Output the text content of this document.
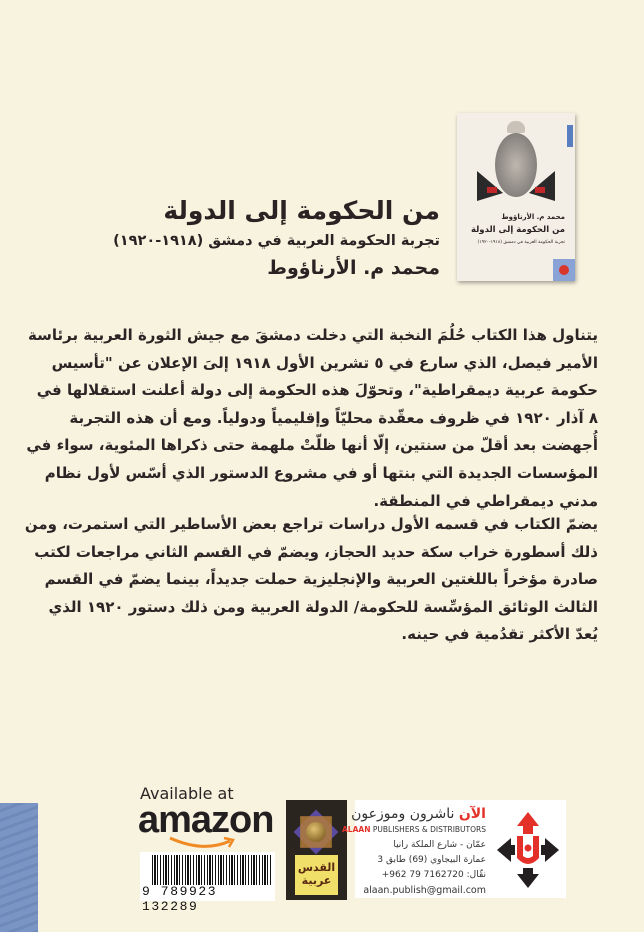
محمد م. الأرناؤوط
من الحكومة إلى الدولة
تجربة الحكومة العربية في دمشق (١٩١٨-١٩٢٠)
من الحكومة إلى الدولة
تجربة الحكومة العربية في دمشق (١٩١٨-١٩٢٠)
محمد م. الأرناؤوط
يتناول هذا الكتاب حُلُمَ النخبة التي دخلت دمشقَ مع جيش الثورة العربية برئاسة
الأمير فيصل، الذي سارع في ٥ تشرين الأول ١٩١٨ إلىَ الإعلان عن "تأسيس
حكومة عربية ديمقراطية"، وتحوّلَ هذه الحكومة إلى دولة أعلنت استقلالها في
٨ آذار ١٩٢٠ في ظروف معقّدة محليّاً وإقليمياً ودولياً. ومع أن هذه التجربة
أُجهضت بعد أقلّ من سنتين، إلّا أنها ظلّتْ ملهمة حتى ذكراها المئوية، سواء في
المؤسسات الجديدة التي بنتها أو في مشروع الدستور الذي أسّس لأول نظام
مدني ديمقراطي في المنطقة.
يضمّ الكتاب في قسمه الأول دراسات تراجع بعض الأساطير التي استمرت، ومن
ذلك أسطورة خراب سكة حديد الحجاز، ويضمّ في القسم الثاني مراجعات لكتب
صادرة مؤخراً باللغتين العربية والإنجليزية حملت جديداً، بينما يضمّ في القسم
الثالث الوثائق المؤسِّسة للحكومة/ الدولة العربية ومن ذلك دستور ١٩٢٠ الذي
يُعدّ الأكثر تقدُمية في حينه.
Available at
amazon
9 789923 132289
القدس
عربية
الآن ناشرون وموزعون
ALAAN PUBLISHERS & DISTRIBUTORS
عمّان - شارع الملكة رانيا
عمارة البيجاوي (69) طابق 3
نقّال: 7162720 79 962+
alaan.publish@gmail.com
